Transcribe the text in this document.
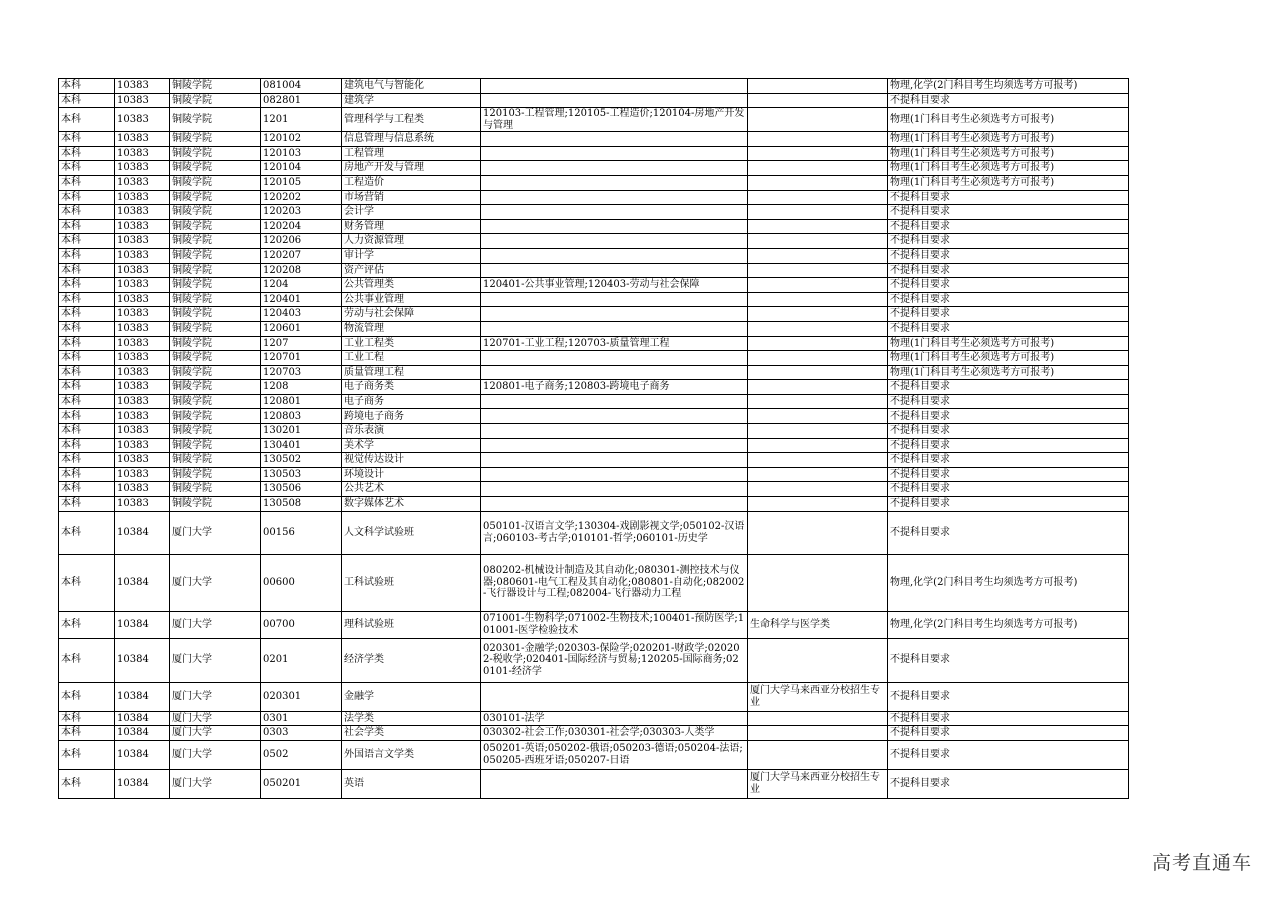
本科	10383	铜陵学院	081004	建筑电气与智能化			物理,化学(2门科目考生均须选考方可报考)
本科	10383	铜陵学院	082801	建筑学			不提科目要求
本科	10383	铜陵学院	1201	管理科学与工程类	120103-工程管理;120105-工程造价;120104-房地产开发与管理		物理(1门科目考生必须选考方可报考)
本科	10383	铜陵学院	120102	信息管理与信息系统			物理(1门科目考生必须选考方可报考)
本科	10383	铜陵学院	120103	工程管理			物理(1门科目考生必须选考方可报考)
本科	10383	铜陵学院	120104	房地产开发与管理			物理(1门科目考生必须选考方可报考)
本科	10383	铜陵学院	120105	工程造价			物理(1门科目考生必须选考方可报考)
本科	10383	铜陵学院	120202	市场营销			不提科目要求
本科	10383	铜陵学院	120203	会计学			不提科目要求
本科	10383	铜陵学院	120204	财务管理			不提科目要求
本科	10383	铜陵学院	120206	人力资源管理			不提科目要求
本科	10383	铜陵学院	120207	审计学			不提科目要求
本科	10383	铜陵学院	120208	资产评估			不提科目要求
本科	10383	铜陵学院	1204	公共管理类	120401-公共事业管理;120403-劳动与社会保障		不提科目要求
本科	10383	铜陵学院	120401	公共事业管理			不提科目要求
本科	10383	铜陵学院	120403	劳动与社会保障			不提科目要求
本科	10383	铜陵学院	120601	物流管理			不提科目要求
本科	10383	铜陵学院	1207	工业工程类	120701-工业工程;120703-质量管理工程		物理(1门科目考生必须选考方可报考)
本科	10383	铜陵学院	120701	工业工程			物理(1门科目考生必须选考方可报考)
本科	10383	铜陵学院	120703	质量管理工程			物理(1门科目考生必须选考方可报考)
本科	10383	铜陵学院	1208	电子商务类	120801-电子商务;120803-跨境电子商务		不提科目要求
本科	10383	铜陵学院	120801	电子商务			不提科目要求
本科	10383	铜陵学院	120803	跨境电子商务			不提科目要求
本科	10383	铜陵学院	130201	音乐表演			不提科目要求
本科	10383	铜陵学院	130401	美术学			不提科目要求
本科	10383	铜陵学院	130502	视觉传达设计			不提科目要求
本科	10383	铜陵学院	130503	环境设计			不提科目要求
本科	10383	铜陵学院	130506	公共艺术			不提科目要求
本科	10383	铜陵学院	130508	数字媒体艺术			不提科目要求
本科	10384	厦门大学	00156	人文科学试验班	050101-汉语言文学;130304-戏剧影视文学;050102-汉语言;060103-考古学;010101-哲学;060101-历史学		不提科目要求
本科	10384	厦门大学	00600	工科试验班	080202-机械设计制造及其自动化;080301-测控技术与仪器;080601-电气工程及其自动化;080801-自动化;082002-飞行器设计与工程;082004-飞行器动力工程		物理,化学(2门科目考生均须选考方可报考)
本科	10384	厦门大学	00700	理科试验班	071001-生物科学;071002-生物技术;100401-预防医学;101001-医学检验技术	生命科学与医学类	物理,化学(2门科目考生均须选考方可报考)
本科	10384	厦门大学	0201	经济学类	020301-金融学;020303-保险学;020201-财政学;020202-税收学;020401-国际经济与贸易;120205-国际商务;020101-经济学		不提科目要求
本科	10384	厦门大学	020301	金融学		厦门大学马来西亚分校招生专业	不提科目要求
本科	10384	厦门大学	0301	法学类	030101-法学		不提科目要求
本科	10384	厦门大学	0303	社会学类	030302-社会工作;030301-社会学;030303-人类学		不提科目要求
本科	10384	厦门大学	0502	外国语言文学类	050201-英语;050202-俄语;050203-德语;050204-法语;050205-西班牙语;050207-日语		不提科目要求
本科	10384	厦门大学	050201	英语		厦门大学马来西亚分校招生专业	不提科目要求
高考直通车
